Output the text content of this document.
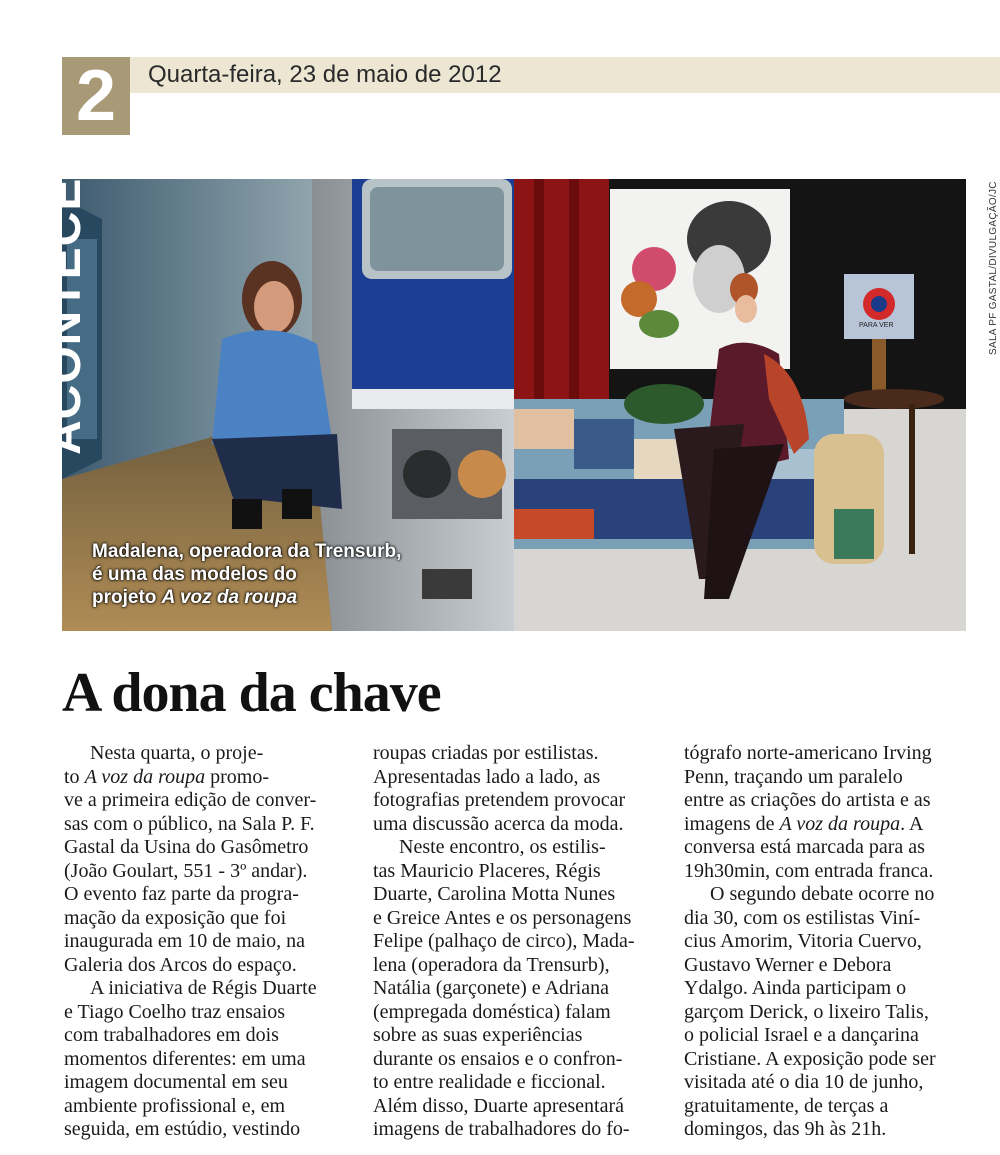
2	Quarta-feira, 23 de maio de 2012
PARA VER
ACONTECE
Madalena, operadora da Trensurb,
é uma das modelos do
projeto A voz da roupa
SALA PF GASTAL/DIVULGAÇÃO/JC
A dona da chave
Nesta quarta, o proje-
to A voz da roupa promo-
ve a primeira edição de conver-
sas com o público, na Sala P. F.
Gastal da Usina do Gasômetro
(João Goulart, 551 - 3º andar).
O evento faz parte da progra-
mação da exposição que foi
inaugurada em 10 de maio, na
Galeria dos Arcos do espaço.
A iniciativa de Régis Duarte
e Tiago Coelho traz ensaios
com trabalhadores em dois
momentos diferentes: em uma
imagem documental em seu
ambiente profissional e, em
seguida, em estúdio, vestindo
roupas criadas por estilistas.
Apresentadas lado a lado, as
fotografias pretendem provocar
uma discussão acerca da moda.
Neste encontro, os estilis-
tas Mauricio Placeres, Régis
Duarte, Carolina Motta Nunes
e Greice Antes e os personagens
Felipe (palhaço de circo), Mada-
lena (operadora da Trensurb),
Natália (garçonete) e Adriana
(empregada doméstica) falam
sobre as suas experiências
durante os ensaios e o confron-
to entre realidade e ficcional.
Além disso, Duarte apresentará
imagens de trabalhadores do fo-
tógrafo norte-americano Irving
Penn, traçando um paralelo
entre as criações do artista e as
imagens de A voz da roupa. A
conversa está marcada para as
19h30min, com entrada franca.
O segundo debate ocorre no
dia 30, com os estilistas Viní-
cius Amorim, Vitoria Cuervo,
Gustavo Werner e Debora
Ydalgo. Ainda participam o
garçom Derick, o lixeiro Talis,
o policial Israel e a dançarina
Cristiane. A exposição pode ser
visitada até o dia 10 de junho,
gratuitamente, de terças a
domingos, das 9h às 21h.
